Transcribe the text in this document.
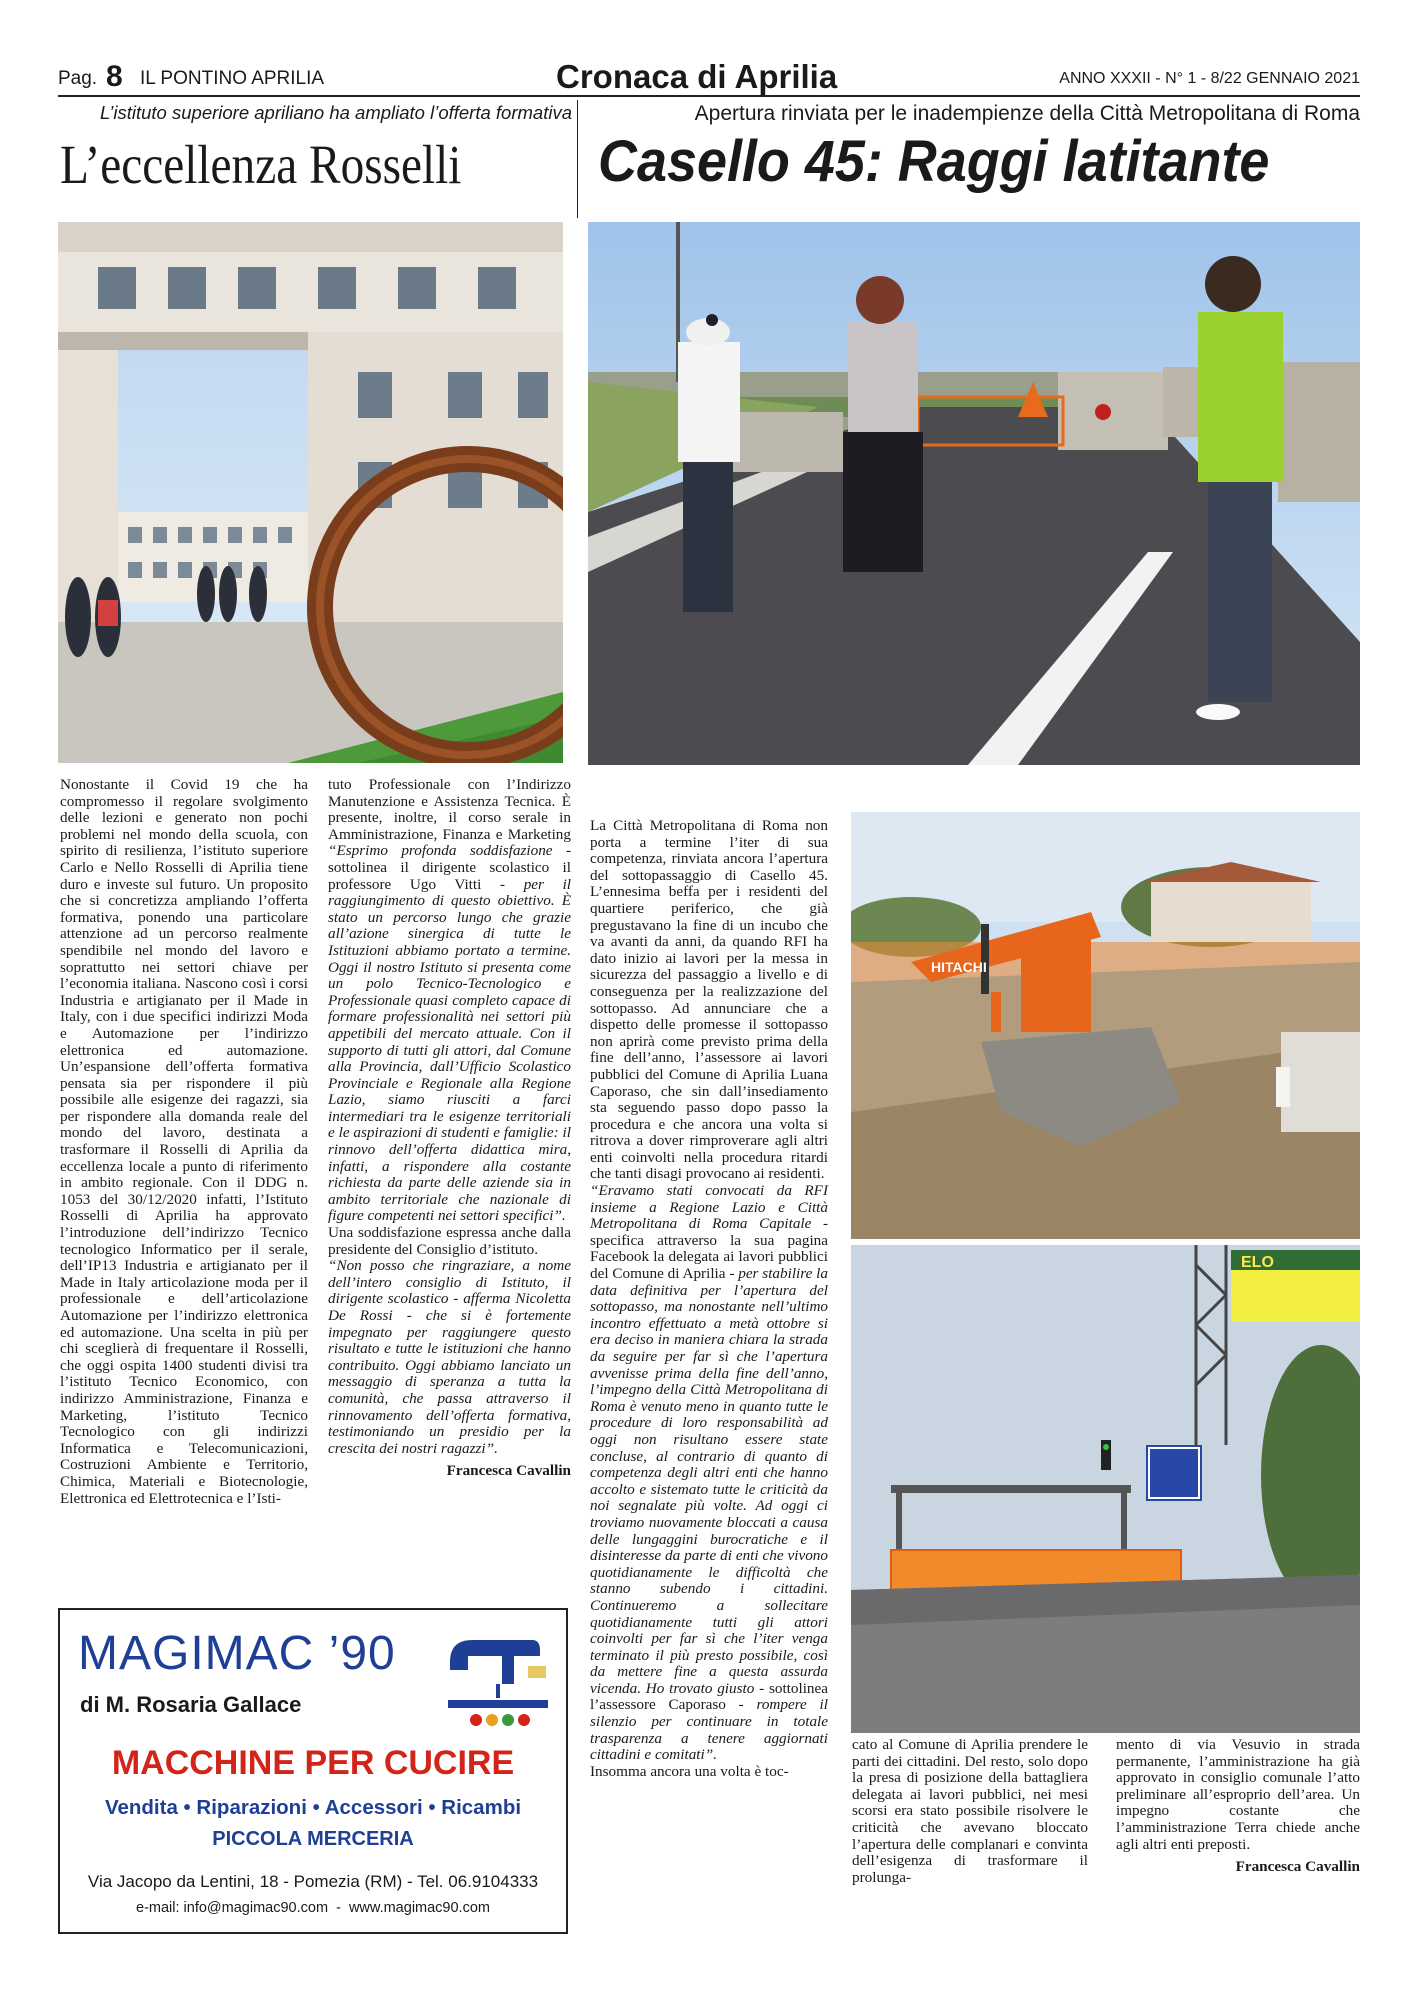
Pag. 8 IL PONTINO APRILIA	Cronaca di Aprilia	ANNO XXXII - N° 1 - 8/22 GENNAIO 2021
L’istituto superiore apriliano ha ampliato l’offerta formativa
L’eccellenza Rosselli

Nonostante il Covid 19 che ha compromesso il regolare svolgimento delle lezioni e generato non pochi problemi nel mondo della scuola, con spirito di resilienza, l’istituto superiore Carlo e Nello Rosselli di Aprilia tiene duro e investe sul futuro. Un proposito che si concretizza ampliando l’offerta formativa, ponendo una particolare attenzione ad un percorso realmente spendibile nel mondo del lavoro e soprattutto nei settori chiave per l’economia italiana. Nascono così i corsi Industria e artigianato per il Made in Italy, con i due specifici indirizzi Moda e Automazione per l’indirizzo elettronica ed automazione. Un’espansione dell’offerta formativa pensata sia per rispondere il più possibile alle esigenze dei ragazzi, sia per rispondere alla domanda reale del mondo del lavoro, destinata a trasformare il Rosselli di Aprilia da eccellenza locale a punto di riferimento in ambito regionale. Con il DDG n. 1053 del 30/12/2020 infatti, l’Istituto Rosselli di Aprilia ha approvato l’introduzione dell’indirizzo Tecnico tecnologico Informatico per il serale, dell’IP13 Industria e artigianato per il Made in Italy articolazione moda per il professionale e dell’articolazione Automazione per l’indirizzo elettronica ed automazione. Una scelta in più per chi sceglierà di frequentare il Rosselli, che oggi ospita 1400 studenti divisi tra l’istituto Tecnico Economico, con indirizzo Amministrazione, Finanza e Marketing, l’istituto Tecnico Tecnologico con gli indirizzi Informatica e Telecomunicazioni, Costruzioni Ambiente e Territorio, Chimica, Materiali e Biotecnologie, Elettronica ed Elettrotecnica e l’Isti-

tuto Professionale con l’Indirizzo Manutenzione e Assistenza Tecnica. È presente, inoltre, il corso serale in Amministrazione, Finanza e Marketing “Esprimo profonda soddisfazione - sottolinea il dirigente scolastico il professore Ugo Vitti - per il raggiungimento di questo obiettivo. È stato un percorso lungo che grazie all’azione sinergica di tutte le Istituzioni abbiamo portato a termine. Oggi il nostro Istituto si presenta come un polo Tecnico-Tecnologico e Professionale quasi completo capace di formare professionalità nei settori più appetibili del mercato attuale. Con il supporto di tutti gli attori, dal Comune alla Provincia, dall’Ufficio Scolastico Provinciale e Regionale alla Regione Lazio, siamo riusciti a farci intermediari tra le esigenze territoriali e le aspirazioni di studenti e famiglie: il rinnovo dell’offerta didattica mira, infatti, a rispondere alla costante richiesta da parte delle aziende sia in ambito territoriale che nazionale di figure competenti nei settori specifici”.

Una soddisfazione espressa anche dalla presidente del Consiglio d’istituto.

“Non posso che ringraziare, a nome dell’intero consiglio di Istituto, il dirigente scolastico - afferma Nicoletta De Rossi - che si è fortemente impegnato per raggiungere questo risultato e tutte le istituzioni che hanno contribuito. Oggi abbiamo lanciato un messaggio di speranza a tutta la comunità, che passa attraverso il rinnovamento dell’offerta formativa, testimoniando un presidio per la crescita dei nostri ragazzi”.

Francesca Cavallin

MAGIMAC ’90
di M. Rosaria Gallace
MACCHINE PER CUCIRE
Vendita • Riparazioni • Accessori • Ricambi
PICCOLA MERCERIA
Via Jacopo da Lentini, 18 - Pomezia (RM) - Tel. 06.9104333
e-mail: info@magimac90.com  -  www.magimac90.com
Apertura rinviata per le inadempienze della Città Metropolitana di Roma
Casello 45: Raggi latitante

La Città Metropolitana di Roma non porta a termine l’iter di sua competenza, rinviata ancora l’apertura del sottopassaggio di Casello 45. L’ennesima beffa per i residenti del quartiere periferico, che già pregustavano la fine di un incubo che va avanti da anni, da quando RFI ha dato inizio ai lavori per la messa in sicurezza del passaggio a livello e di conseguenza per la realizzazione del sottopasso. Ad annunciare che a dispetto delle promesse il sottopasso non aprirà come previsto prima della fine dell’anno, l’assessore ai lavori pubblici del Comune di Aprilia Luana Caporaso, che sin dall’insediamento sta seguendo passo dopo passo la procedura e che ancora una volta si ritrova a dover rimproverare agli altri enti coinvolti nella procedura ritardi che tanti disagi provocano ai residenti.

“Eravamo stati convocati da RFI insieme a Regione Lazio e Città Metropolitana di Roma Capitale - specifica attraverso la sua pagina Facebook la delegata ai lavori pubblici del Comune di Aprilia - per stabilire la data definitiva per l’apertura del sottopasso, ma nonostante nell’ultimo incontro effettuato a metà ottobre si era deciso in maniera chiara la strada da seguire per far sì che l’apertura avvenisse prima della fine dell’anno, l’impegno della Città Metropolitana di Roma è venuto meno in quanto tutte le procedure di loro responsabilità ad oggi non risultano essere state concluse, al contrario di quanto di competenza degli altri enti che hanno accolto e sistemato tutte le criticità da noi segnalate più volte. Ad oggi ci troviamo nuovamente bloccati a causa delle lungaggini burocratiche e il disinteresse da parte di enti che vivono quotidianamente le difficoltà che stanno subendo i cittadini. Continueremo a sollecitare quotidianamente tutti gli attori coinvolti per far sì che l’iter venga terminato il più presto possibile, così da mettere fine a questa assurda vicenda. Ho trovato giusto - sottolinea l’assessore Caporaso - rompere il silenzio per continuare in totale trasparenza a tenere aggiornati cittadini e comitati”.

Insomma ancora una volta è toc-

HITACHI
ELO

cato al Comune di Aprilia prendere le parti dei cittadini. Del resto, solo dopo la presa di posizione della battagliera delegata ai lavori pubblici, nei mesi scorsi era stato possibile risolvere le criticità che avevano bloccato l’apertura delle complanari e convinta dell’esigenza di trasformare il prolunga-

mento di via Vesuvio in strada permanente, l’amministrazione ha già approvato in consiglio comunale l’atto preliminare all’esproprio dell’area. Un impegno costante che l’amministrazione Terra chiede anche agli altri enti preposti.

Francesca Cavallin
